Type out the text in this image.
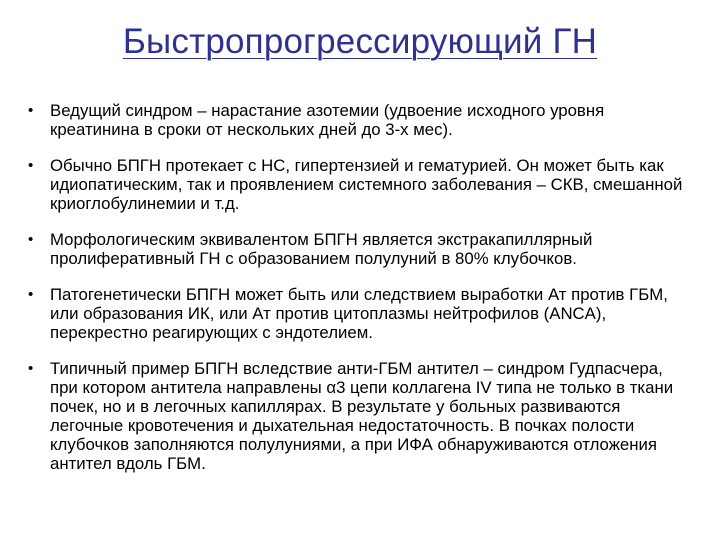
Быстропрогрессирующий ГН
• Ведущий синдром – нарастание азотемии (удвоение исходного уровня креатинина в сроки от нескольких дней до 3-х мес).
• Обычно БПГН протекает с НС, гипертензией и гематурией. Он может быть как идиопатическим, так и проявлением системного заболевания – СКВ, смешанной криоглобулинемии и т.д.
• Морфологическим эквивалентом БПГН является экстракапиллярный пролиферативный ГН с образованием полулуний в 80% клубочков.
• Патогенетически БПГН может быть или следствием выработки Ат против ГБМ, или образования ИК, или Ат против цитоплазмы нейтрофилов (ANCA), перекрестно реагирующих с эндотелием.
• Типичный пример БПГН вследствие анти-ГБМ антител – синдром Гудпасчера, при котором антитела направлены α3 цепи коллагена IV типа не только в ткани почек, но и в легочных капиллярах. В результате у больных развиваются легочные кровотечения и дыхательная недостаточность. В почках полости клубочков заполняются полулуниями, а при ИФА обнаруживаются отложения антител вдоль ГБМ.
